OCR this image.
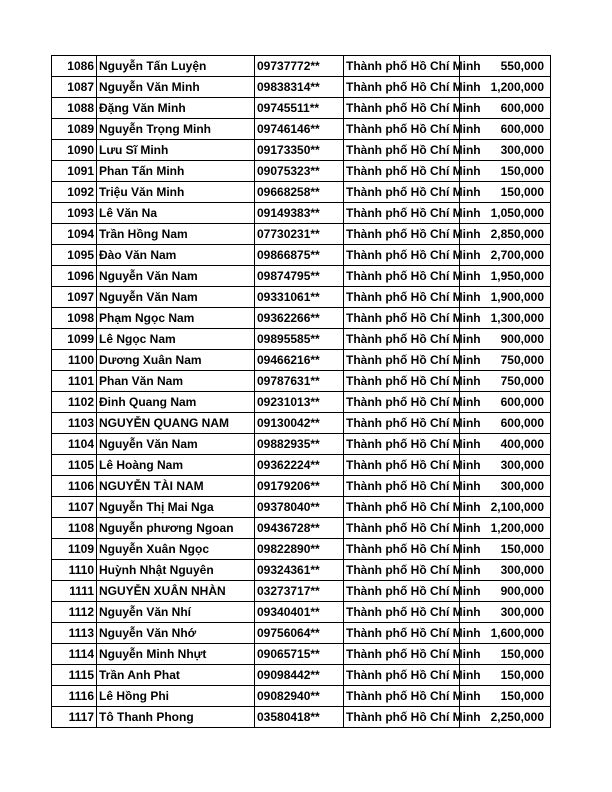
1086	Nguyễn Tấn Luyện	09737772**	Thành phố Hồ Chí Minh	550,000
1087	Nguyễn Văn Minh	09838314**	Thành phố Hồ Chí Minh	1,200,000
1088	Đặng Văn Minh	09745511**	Thành phố Hồ Chí Minh	600,000
1089	Nguyễn Trọng Minh	09746146**	Thành phố Hồ Chí Minh	600,000
1090	Lưu Sĩ Minh	09173350**	Thành phố Hồ Chí Minh	300,000
1091	Phan Tấn Minh	09075323**	Thành phố Hồ Chí Minh	150,000
1092	Triệu Văn Minh	09668258**	Thành phố Hồ Chí Minh	150,000
1093	Lê Văn Na	09149383**	Thành phố Hồ Chí Minh	1,050,000
1094	Trần Hồng Nam	07730231**	Thành phố Hồ Chí Minh	2,850,000
1095	Đào Văn Nam	09866875**	Thành phố Hồ Chí Minh	2,700,000
1096	Nguyễn Văn Nam	09874795**	Thành phố Hồ Chí Minh	1,950,000
1097	Nguyễn Văn Nam	09331061**	Thành phố Hồ Chí Minh	1,900,000
1098	Phạm Ngọc Nam	09362266**	Thành phố Hồ Chí Minh	1,300,000
1099	Lê Ngọc Nam	09895585**	Thành phố Hồ Chí Minh	900,000
1100	Dương Xuân Nam	09466216**	Thành phố Hồ Chí Minh	750,000
1101	Phan Văn Nam	09787631**	Thành phố Hồ Chí Minh	750,000
1102	Đinh Quang Nam	09231013**	Thành phố Hồ Chí Minh	600,000
1103	NGUYỄN QUANG NAM	09130042**	Thành phố Hồ Chí Minh	600,000
1104	Nguyễn Văn Nam	09882935**	Thành phố Hồ Chí Minh	400,000
1105	Lê Hoàng Nam	09362224**	Thành phố Hồ Chí Minh	300,000
1106	NGUYỄN TÀI NAM	09179206**	Thành phố Hồ Chí Minh	300,000
1107	Nguyễn Thị Mai Nga	09378040**	Thành phố Hồ Chí Minh	2,100,000
1108	Nguyễn phương Ngoan	09436728**	Thành phố Hồ Chí Minh	1,200,000
1109	Nguyễn Xuân Ngọc	09822890**	Thành phố Hồ Chí Minh	150,000
1110	Huỳnh Nhật Nguyên	09324361**	Thành phố Hồ Chí Minh	300,000
1111	NGUYỄN XUÂN NHÀN	03273717**	Thành phố Hồ Chí Minh	900,000
1112	Nguyễn Văn Nhí	09340401**	Thành phố Hồ Chí Minh	300,000
1113	Nguyễn Văn Nhớ	09756064**	Thành phố Hồ Chí Minh	1,600,000
1114	Nguyễn Minh Nhựt	09065715**	Thành phố Hồ Chí Minh	150,000
1115	Trần Anh Phat	09098442**	Thành phố Hồ Chí Minh	150,000
1116	Lê Hồng Phi	09082940**	Thành phố Hồ Chí Minh	150,000
1117	Tô Thanh Phong	03580418**	Thành phố Hồ Chí Minh	2,250,000
